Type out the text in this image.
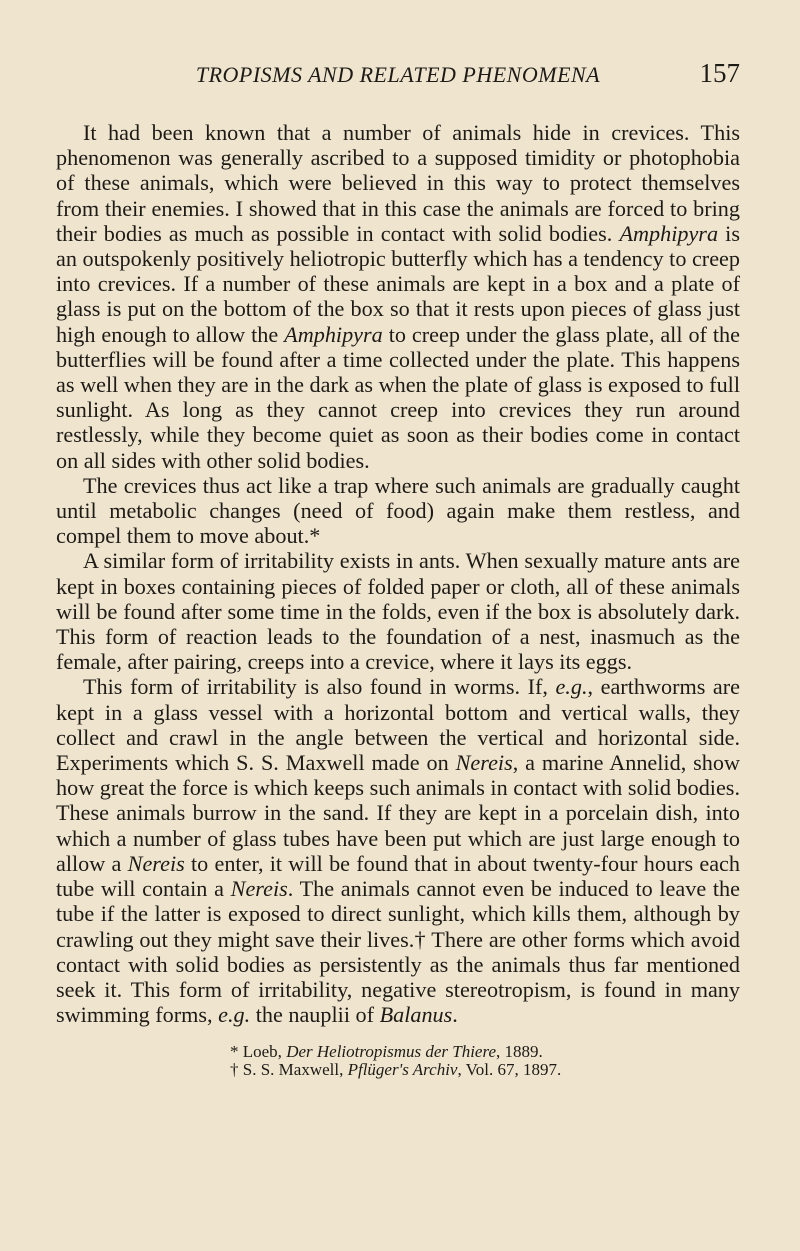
TROPISMS AND RELATED PHENOMENA	157

It had been known that a number of animals hide in crevices. This phenomenon was generally ascribed to a supposed timidity or photophobia of these animals, which were believed in this way to protect themselves from their enemies. I showed that in this case the animals are forced to bring their bodies as much as possible in contact with solid bodies. Amphipyra is an outspokenly positively heliotropic butterfly which has a tendency to creep into crevices. If a number of these animals are kept in a box and a plate of glass is put on the bottom of the box so that it rests upon pieces of glass just high enough to allow the Amphipyra to creep under the glass plate, all of the butterflies will be found after a time collected under the plate. This happens as well when they are in the dark as when the plate of glass is exposed to full sunlight. As long as they cannot creep into crevices they run around restlessly, while they become quiet as soon as their bodies come in contact on all sides with other solid bodies.

The crevices thus act like a trap where such animals are gradually caught until metabolic changes (need of food) again make them restless, and compel them to move about.*

A similar form of irritability exists in ants. When sexually mature ants are kept in boxes containing pieces of folded paper or cloth, all of these animals will be found after some time in the folds, even if the box is absolutely dark. This form of reaction leads to the foundation of a nest, inasmuch as the female, after pairing, creeps into a crevice, where it lays its eggs.

This form of irritability is also found in worms. If, e.g., earthworms are kept in a glass vessel with a horizontal bottom and vertical walls, they collect and crawl in the angle between the vertical and horizontal side. Experiments which S. S. Maxwell made on Nereis, a marine Annelid, show how great the force is which keeps such animals in contact with solid bodies. These animals burrow in the sand. If they are kept in a porcelain dish, into which a number of glass tubes have been put which are just large enough to allow a Nereis to enter, it will be found that in about twenty-four hours each tube will contain a Nereis. The animals cannot even be induced to leave the tube if the latter is exposed to direct sunlight, which kills them, although by crawling out they might save their lives.† There are other forms which avoid contact with solid bodies as persistently as the animals thus far mentioned seek it. This form of irritability, negative stereotropism, is found in many swimming forms, e.g. the nauplii of Balanus.

* Loeb, Der Heliotropismus der Thiere, 1889.
† S. S. Maxwell, Pflüger's Archiv, Vol. 67, 1897.
